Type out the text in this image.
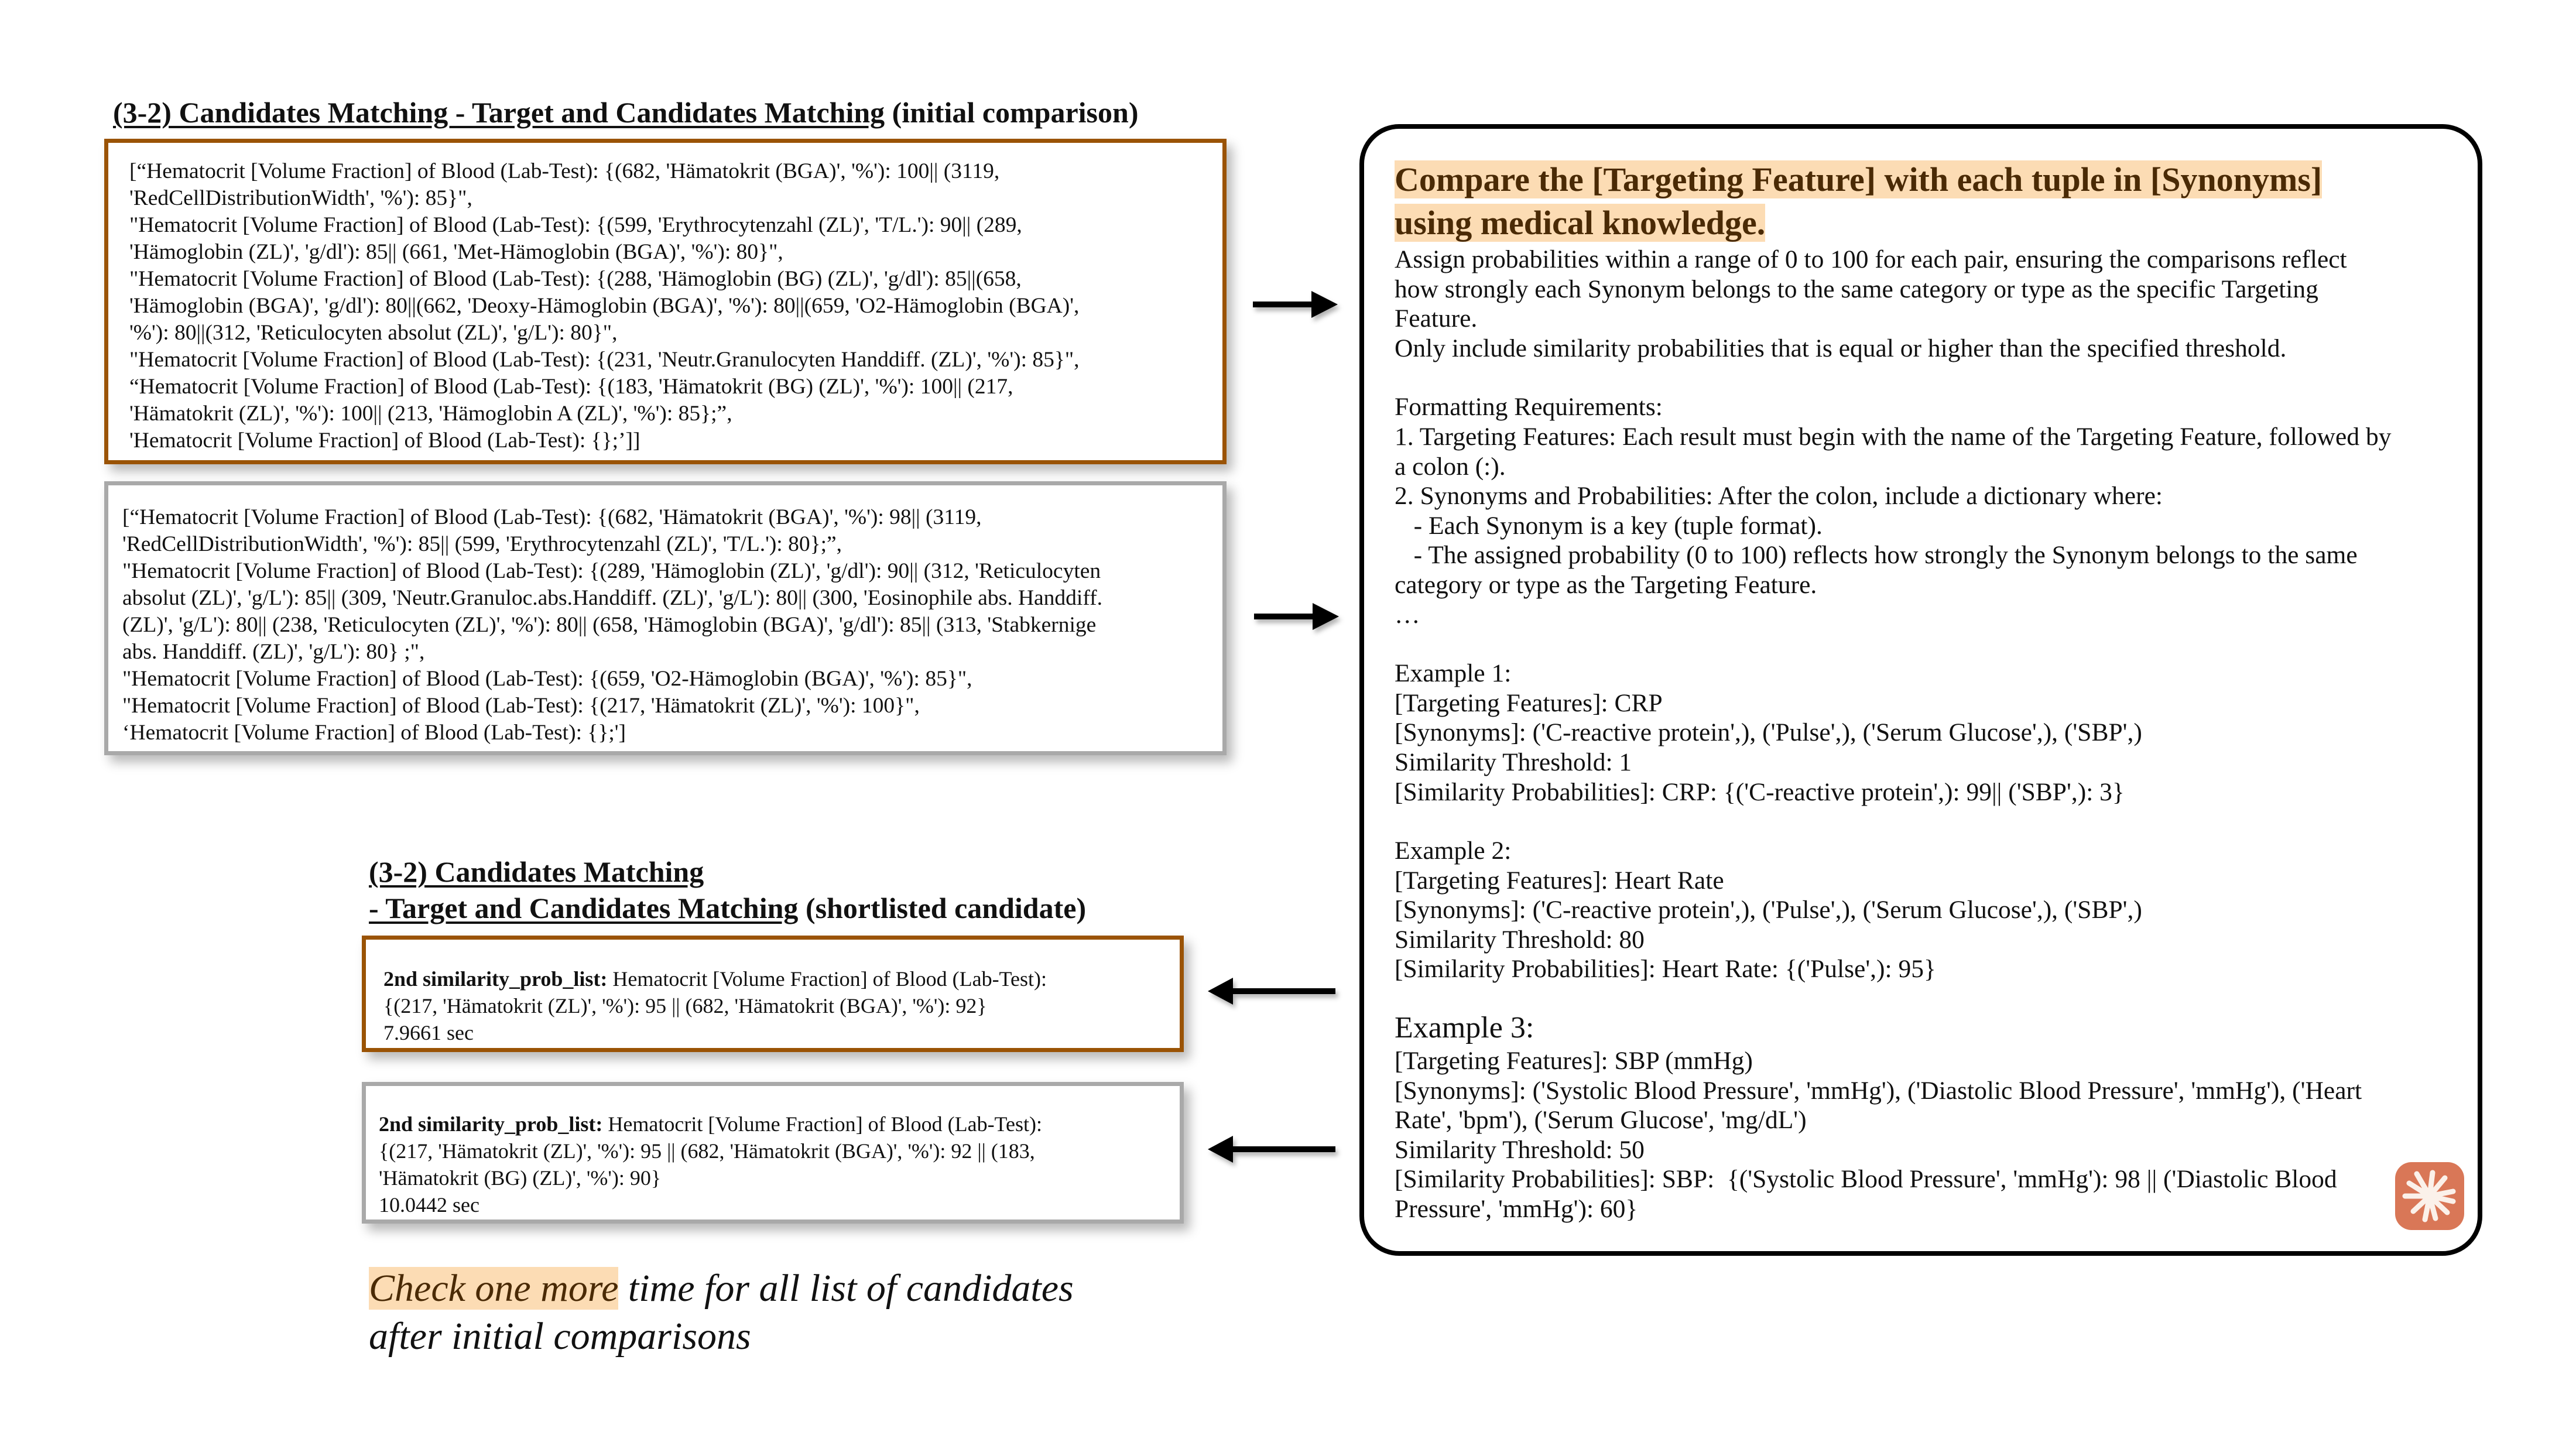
(3-2) Candidates Matching - Target and Candidates Matching (initial comparison)
[“Hematocrit [Volume Fraction] of Blood (Lab-Test): {(682, 'Hämatokrit (BGA)', '%'): 100|| (3119,
'RedCellDistributionWidth', '%'): 85}",
"Hematocrit [Volume Fraction] of Blood (Lab-Test): {(599, 'Erythrocytenzahl (ZL)', 'T/L.'): 90|| (289,
'Hämoglobin (ZL)', 'g/dl'): 85|| (661, 'Met-Hämoglobin (BGA)', '%'): 80}",
"Hematocrit [Volume Fraction] of Blood (Lab-Test): {(288, 'Hämoglobin (BG) (ZL)', 'g/dl'): 85||(658,
'Hämoglobin (BGA)', 'g/dl'): 80||(662, 'Deoxy-Hämoglobin (BGA)', '%'): 80||(659, 'O2-Hämoglobin (BGA)',
'%'): 80||(312, 'Reticulocyten absolut (ZL)', 'g/L'): 80}",
"Hematocrit [Volume Fraction] of Blood (Lab-Test): {(231, 'Neutr.Granulocyten Handdiff. (ZL)', '%'): 85}",
“Hematocrit [Volume Fraction] of Blood (Lab-Test): {(183, 'Hämatokrit (BG) (ZL)', '%'): 100|| (217,
'Hämatokrit (ZL)', '%'): 100|| (213, 'Hämoglobin A (ZL)', '%'): 85};”,
'Hematocrit [Volume Fraction] of Blood (Lab-Test): {};’]]
[“Hematocrit [Volume Fraction] of Blood (Lab-Test): {(682, 'Hämatokrit (BGA)', '%'): 98|| (3119,
'RedCellDistributionWidth', '%'): 85|| (599, 'Erythrocytenzahl (ZL)', 'T/L.'): 80};”,
"Hematocrit [Volume Fraction] of Blood (Lab-Test): {(289, 'Hämoglobin (ZL)', 'g/dl'): 90|| (312, 'Reticulocyten
absolut (ZL)', 'g/L'): 85|| (309, 'Neutr.Granuloc.abs.Handdiff. (ZL)', 'g/L'): 80|| (300, 'Eosinophile abs. Handdiff.
(ZL)', 'g/L'): 80|| (238, 'Reticulocyten (ZL)', '%'): 80|| (658, 'Hämoglobin (BGA)', 'g/dl'): 85|| (313, 'Stabkernige
abs. Handdiff. (ZL)', 'g/L'): 80} ;",
"Hematocrit [Volume Fraction] of Blood (Lab-Test): {(659, 'O2-Hämoglobin (BGA)', '%'): 85}",
"Hematocrit [Volume Fraction] of Blood (Lab-Test): {(217, 'Hämatokrit (ZL)', '%'): 100}",
‘Hematocrit [Volume Fraction] of Blood (Lab-Test): {};']
Compare the [Targeting Feature] with each tuple in [Synonyms]
using medical knowledge.
Assign probabilities within a range of 0 to 100 for each pair, ensuring the comparisons reflect
how strongly each Synonym belongs to the same category or type as the specific Targeting
Feature.
Only include similarity probabilities that is equal or higher than the specified threshold.
Formatting Requirements:
1. Targeting Features: Each result must begin with the name of the Targeting Feature, followed by
a colon (:).
2. Synonyms and Probabilities: After the colon, include a dictionary where:
- Each Synonym is a key (tuple format).
- The assigned probability (0 to 100) reflects how strongly the Synonym belongs to the same
category or type as the Targeting Feature.
…
Example 1:
[Targeting Features]: CRP
[Synonyms]: ('C-reactive protein',), ('Pulse',), ('Serum Glucose',), ('SBP',)
Similarity Threshold: 1
[Similarity Probabilities]: CRP: {('C-reactive protein',): 99|| ('SBP',): 3}
Example 2:
[Targeting Features]: Heart Rate
[Synonyms]: ('C-reactive protein',), ('Pulse',), ('Serum Glucose',), ('SBP',)
Similarity Threshold: 80
[Similarity Probabilities]: Heart Rate: {('Pulse',): 95}
Example 3:
[Targeting Features]: SBP (mmHg)
[Synonyms]: ('Systolic Blood Pressure', 'mmHg'), ('Diastolic Blood Pressure', 'mmHg'), ('Heart
Rate', 'bpm'), ('Serum Glucose', 'mg/dL')
Similarity Threshold: 50
[Similarity Probabilities]: SBP:  {('Systolic Blood Pressure', 'mmHg'): 98 || ('Diastolic Blood
Pressure', 'mmHg'): 60}
(3-2) Candidates Matching
- Target and Candidates Matching (shortlisted candidate)
2nd similarity_prob_list: Hematocrit [Volume Fraction] of Blood (Lab-Test):
{(217, 'Hämatokrit (ZL)', '%'): 95 || (682, 'Hämatokrit (BGA)', '%'): 92}
7.9661 sec
2nd similarity_prob_list: Hematocrit [Volume Fraction] of Blood (Lab-Test):
{(217, 'Hämatokrit (ZL)', '%'): 95 || (682, 'Hämatokrit (BGA)', '%'): 92 || (183,
'Hämatokrit (BG) (ZL)', '%'): 90}
10.0442 sec
Check one more time for all list of candidates
after initial comparisons
